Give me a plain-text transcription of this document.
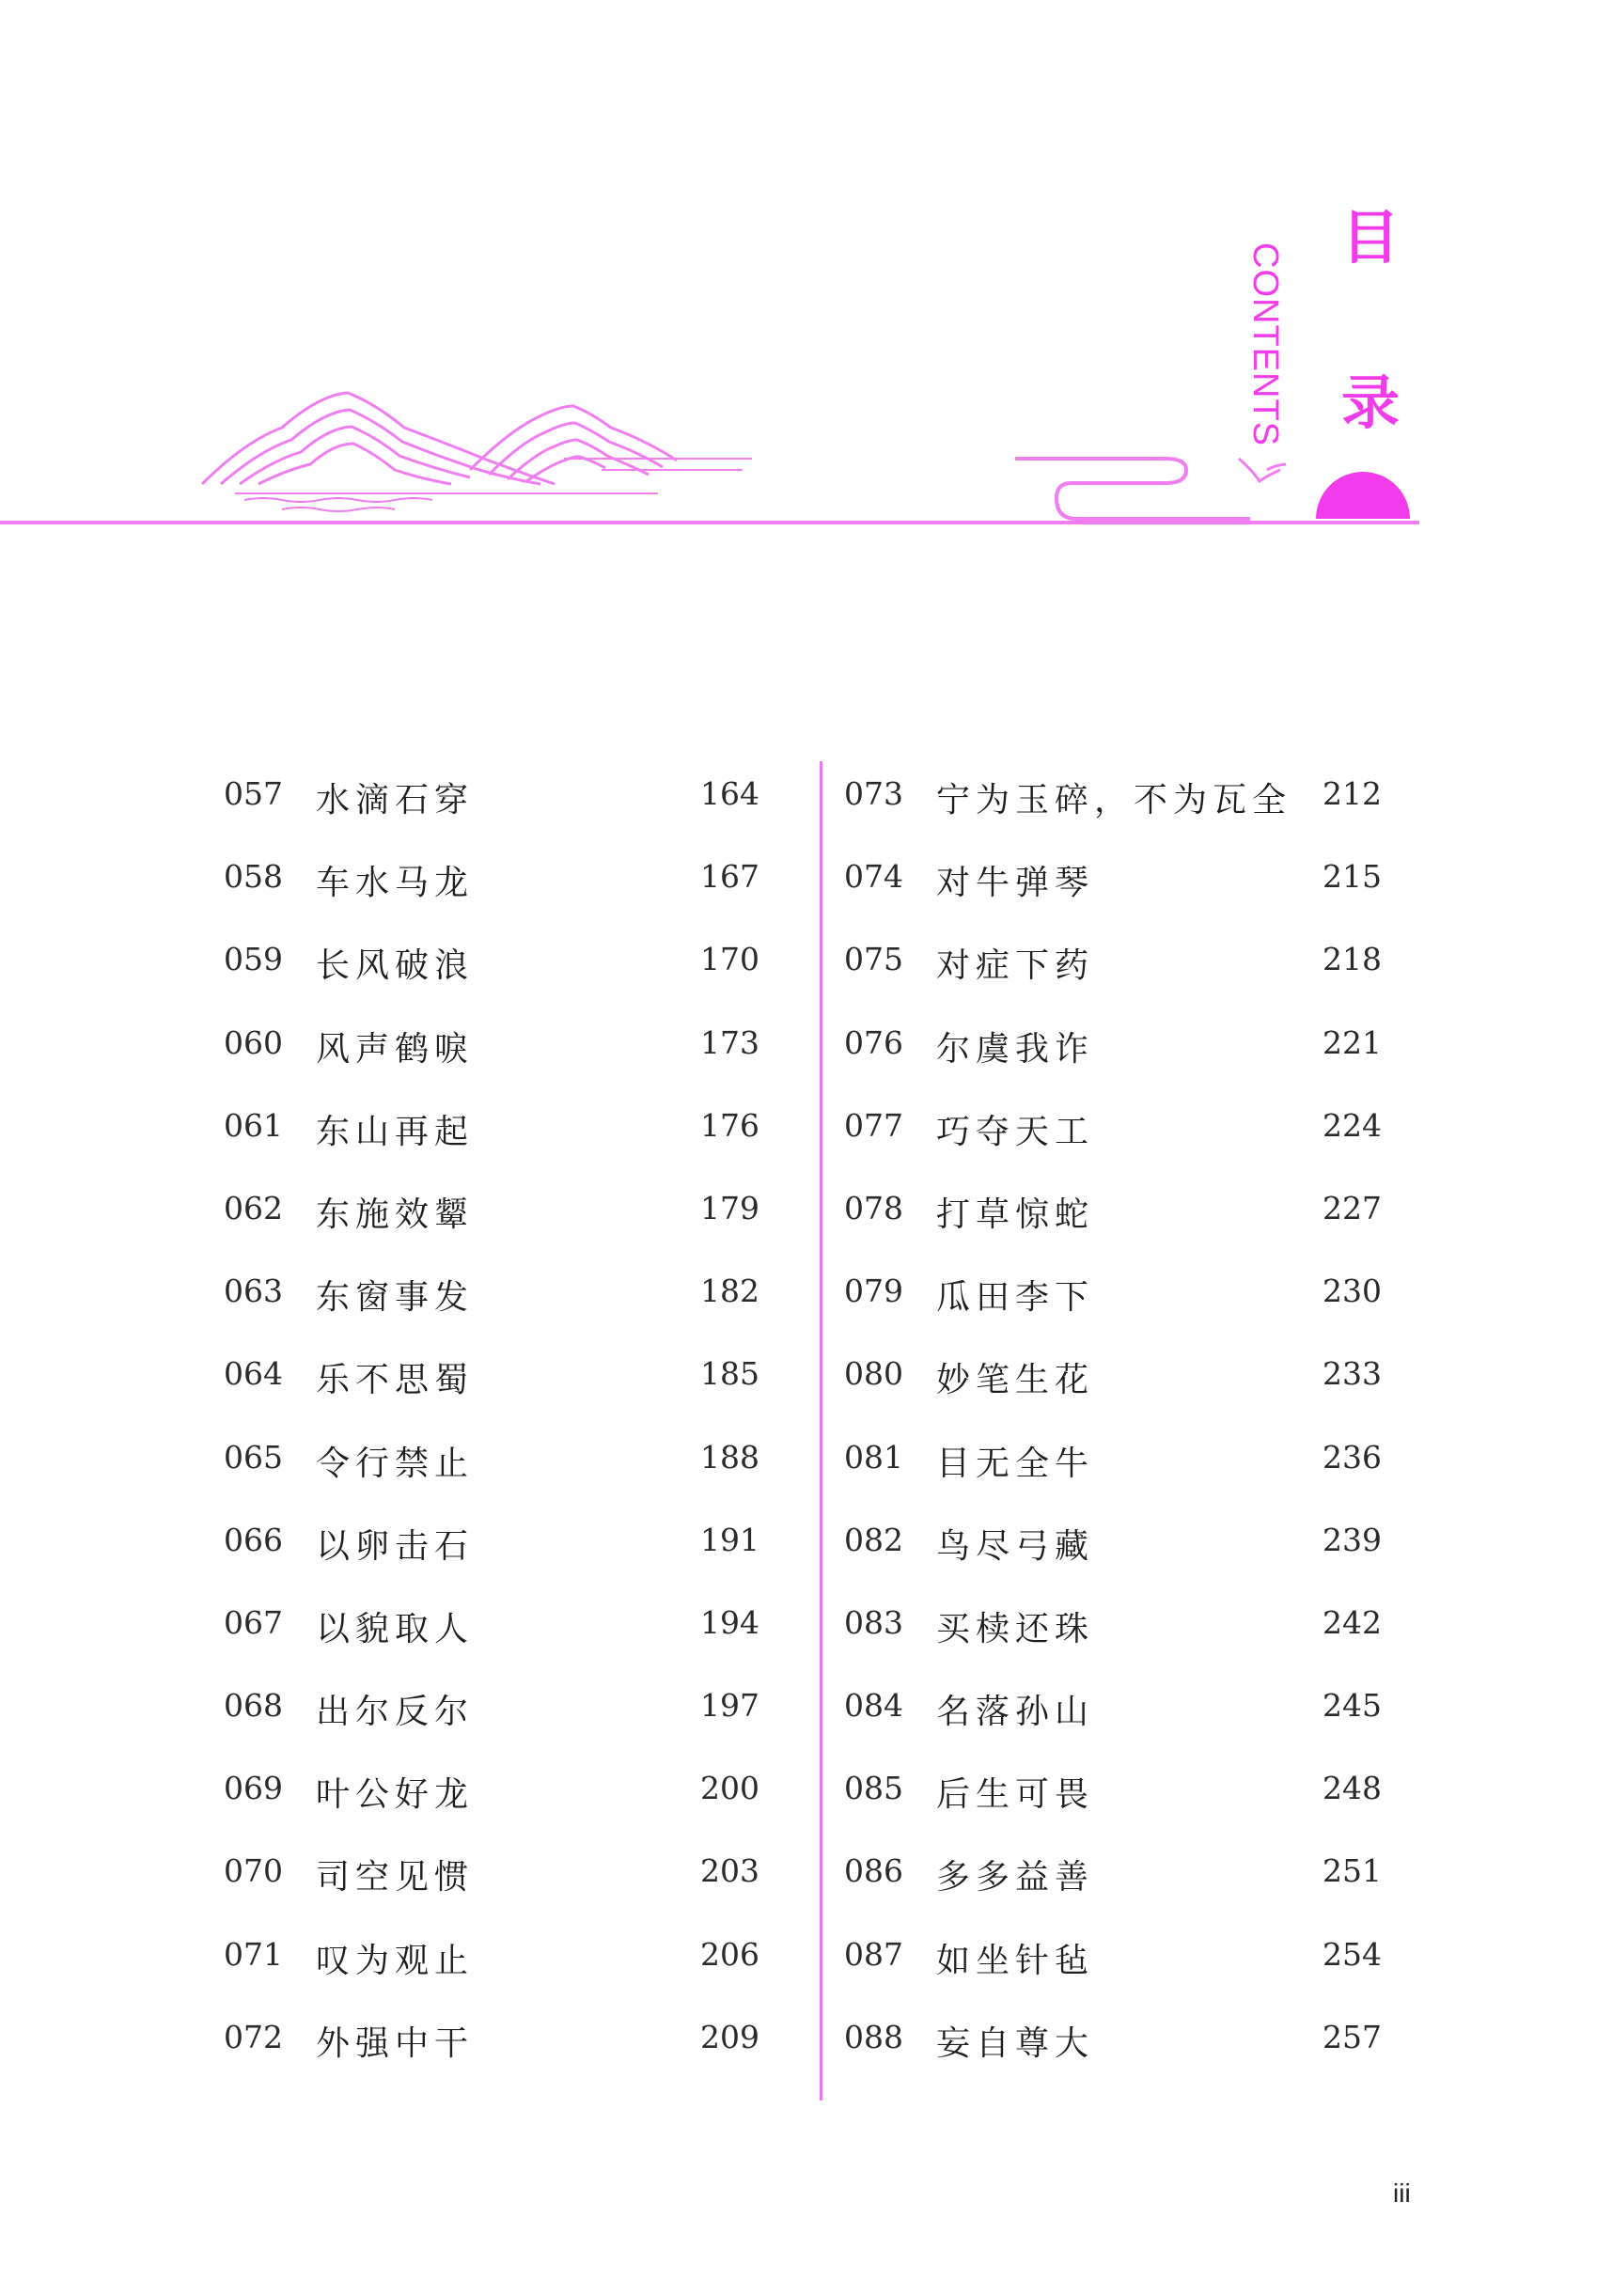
目
录
CONTENTS
057 水滴石穿	164
058 车水马龙	167
059 长风破浪	170
060 风声鹤唳	173
061 东山再起	176
062 东施效颦	179
063 东窗事发	182
064 乐不思蜀	185
065 令行禁止	188
066 以卵击石	191
067 以貌取人	194
068 出尔反尔	197
069 叶公好龙	200
070 司空见惯	203
071 叹为观止	206
072 外强中干	209
073 宁为玉碎，不为瓦全 212
074 对牛弹琴	215
075 对症下药	218
076 尔虞我诈	221
077 巧夺天工	224
078 打草惊蛇	227
079 瓜田李下	230
080 妙笔生花	233
081 目无全牛	236
082 鸟尽弓藏	239
083 买椟还珠	242
084 名落孙山	245
085 后生可畏	248
086 多多益善	251
087 如坐针毡	254
088 妄自尊大	257
iii
